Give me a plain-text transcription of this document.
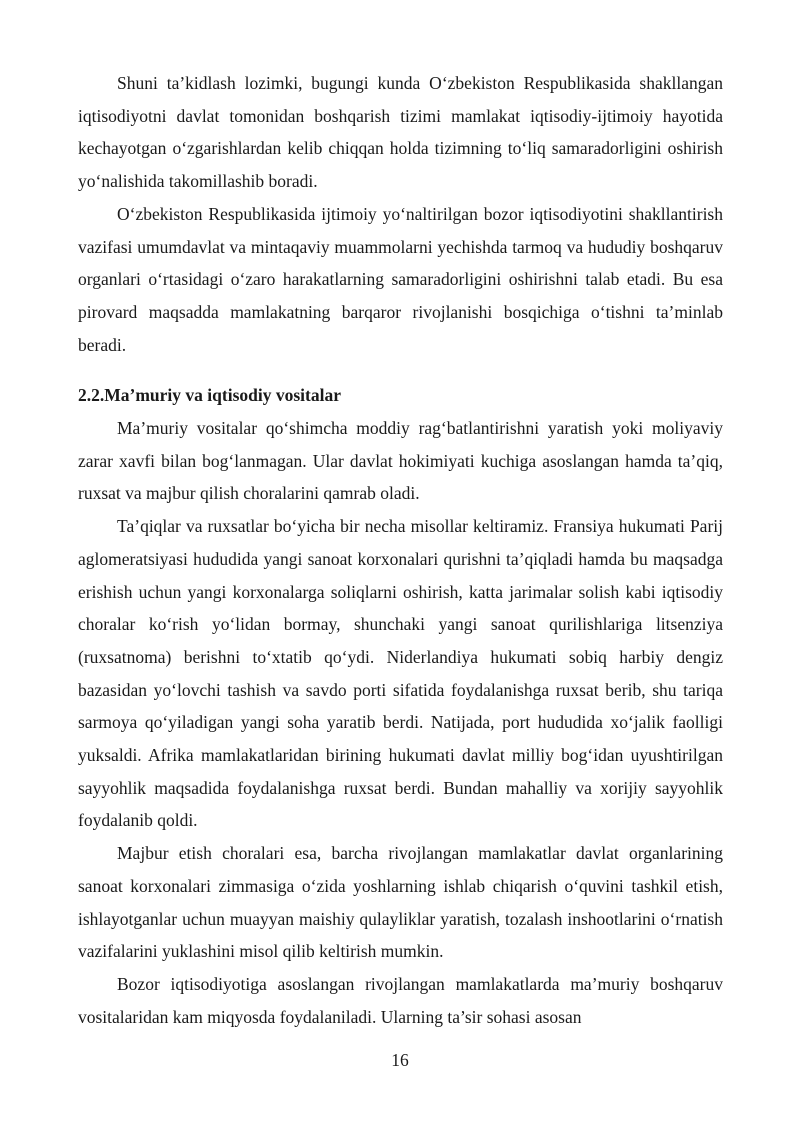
Shuni ta’kidlash lozimki, bugungi kunda O‘zbekiston Respublikasida shakllangan iqtisodiyotni davlat tomonidan boshqarish tizimi mamlakat iqtisodiy-ijtimoiy hayotida kechayotgan o‘zgarishlardan kelib chiqqan holda tizimning to‘liq samaradorligini oshirish yo‘nalishida takomillashib boradi.

O‘zbekiston Respublikasida ijtimoiy yo‘naltirilgan bozor iqtisodiyotini shakllantirish vazifasi umumdavlat va mintaqaviy muammolarni yechishda tarmoq va hududiy boshqaruv organlari o‘rtasidagi o‘zaro harakatlarning samaradorligini oshirishni talab etadi. Bu esa pirovard maqsadda mamlakatning barqaror rivojlanishi bosqichiga o‘tishni ta’minlab beradi.

2.2.Ma’muriy va iqtisodiy vositalar

Ma’muriy vositalar qo‘shimcha moddiy rag‘batlantirishni yaratish yoki moliyaviy zarar xavfi bilan bog‘lanmagan. Ular davlat hokimiyati kuchiga asoslangan hamda ta’qiq, ruxsat va majbur qilish choralarini qamrab oladi.

Ta’qiqlar va ruxsatlar bo‘yicha bir necha misollar keltiramiz. Fransiya hukumati Parij aglomeratsiyasi hududida yangi sanoat korxonalari qurishni ta’qiqladi hamda bu maqsadga erishish uchun yangi korxonalarga soliqlarni oshirish, katta jarimalar solish kabi iqtisodiy choralar ko‘rish yo‘lidan bormay, shunchaki yangi sanoat qurilishlariga litsenziya (ruxsatnoma) berishni to‘xtatib qo‘ydi. Niderlandiya hukumati sobiq harbiy dengiz bazasidan yo‘lovchi tashish va savdo porti sifatida foydalanishga ruxsat berib, shu tariqa sarmoya qo‘yiladigan yangi soha yaratib berdi. Natijada, port hududida xo‘jalik faolligi yuksaldi. Afrika mamlakatlaridan birining hukumati davlat milliy bog‘idan uyushtirilgan sayyohlik maqsadida foydalanishga ruxsat berdi. Bundan mahalliy va xorijiy sayyohlik foydalanib qoldi.

Majbur etish choralari esa, barcha rivojlangan mamlakatlar davlat organlarining sanoat korxonalari zimmasiga o‘zida yoshlarning ishlab chiqarish o‘quvini tashkil etish, ishlayotganlar uchun muayyan maishiy qulayliklar yaratish, tozalash inshootlarini o‘rnatish vazifalarini yuklashini misol qilib keltirish mumkin.

Bozor iqtisodiyotiga asoslangan rivojlangan mamlakatlarda ma’muriy boshqaruv vositalaridan kam miqyosda foydalaniladi. Ularning ta’sir sohasi asosan

16
